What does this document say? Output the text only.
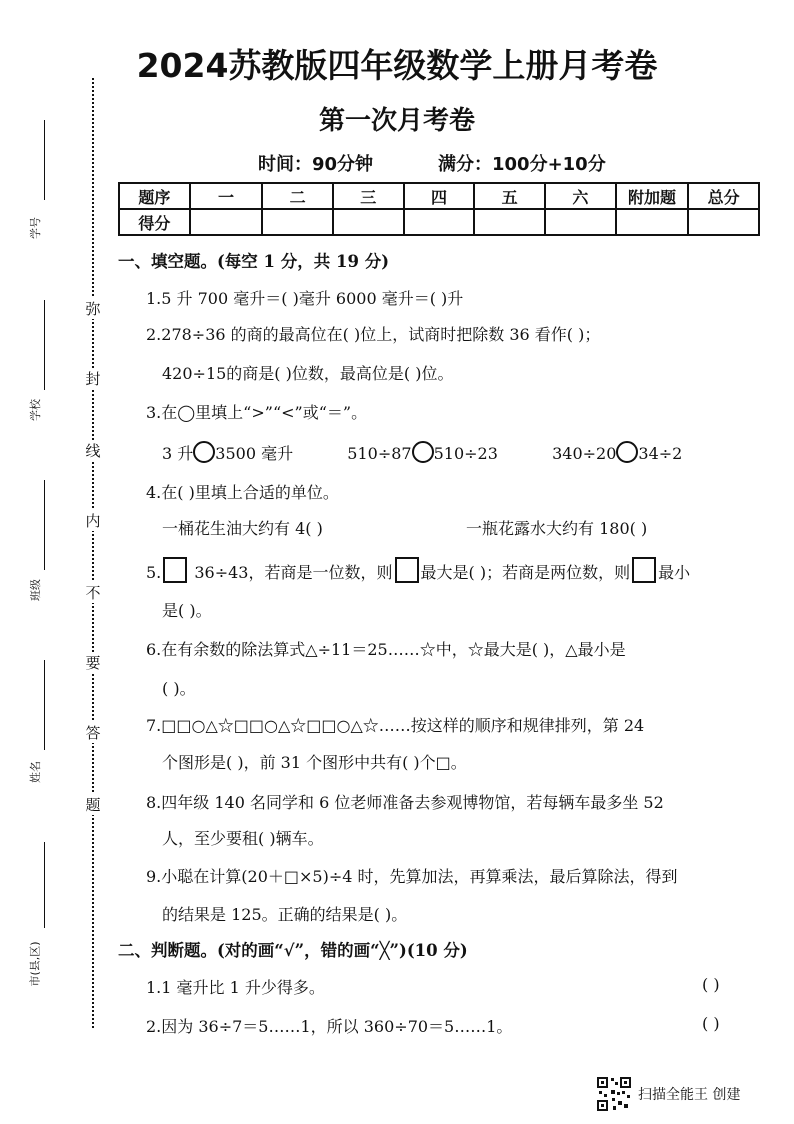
2024苏教版四年级数学上册月考卷
第一次月考卷
时间：90分钟	满分：100分+10分
题序	一	二	三	四	五	六	附加题	总分
得分								
弥
封
线
内
不
要
答
题
学号
学校
班级
姓名
市(县,区)
一、填空题。(每空 1 分，共 19 分)
1.5 升 700 毫升＝( )毫升 6000 毫升＝( )升
2.278÷36 的商的最高位在( )位上，试商时把除数 36 看作( )；
420÷15的商是( )位数，最高位是( )位。
3.在◯里填上“>”“<”或“＝”。
3 升 3500 毫升	510÷87 510÷23	340÷20 34÷2
4.在( )里填上合适的单位。
一桶花生油大约有 4( )	一瓶花露水大约有 180( )
5. 36÷43，若商是一位数，则 最大是( )；若商是两位数，则 最小
是( )。
6.在有余数的除法算式△÷11＝25……☆中，☆最大是( )，△最小是
( )。
7.□□○△☆□□○△☆□□○△☆……按这样的顺序和规律排列，第 24
个图形是( )，前 31 个图形中共有( )个□。
8.四年级 140 名同学和 6 位老师准备去参观博物馆，若每辆车最多坐 52
人，至少要租( )辆车。
9.小聪在计算(20＋□×5)÷4 时，先算加法，再算乘法，最后算除法，得到
的结果是 125。正确的结果是( )。
二、判断题。(对的画“√”，错的画“╳”)(10 分)
1.1 毫升比 1 升少得多。	( )
2.因为 36÷7＝5……1，所以 360÷70＝5……1。	( )
扫描全能王 创建
